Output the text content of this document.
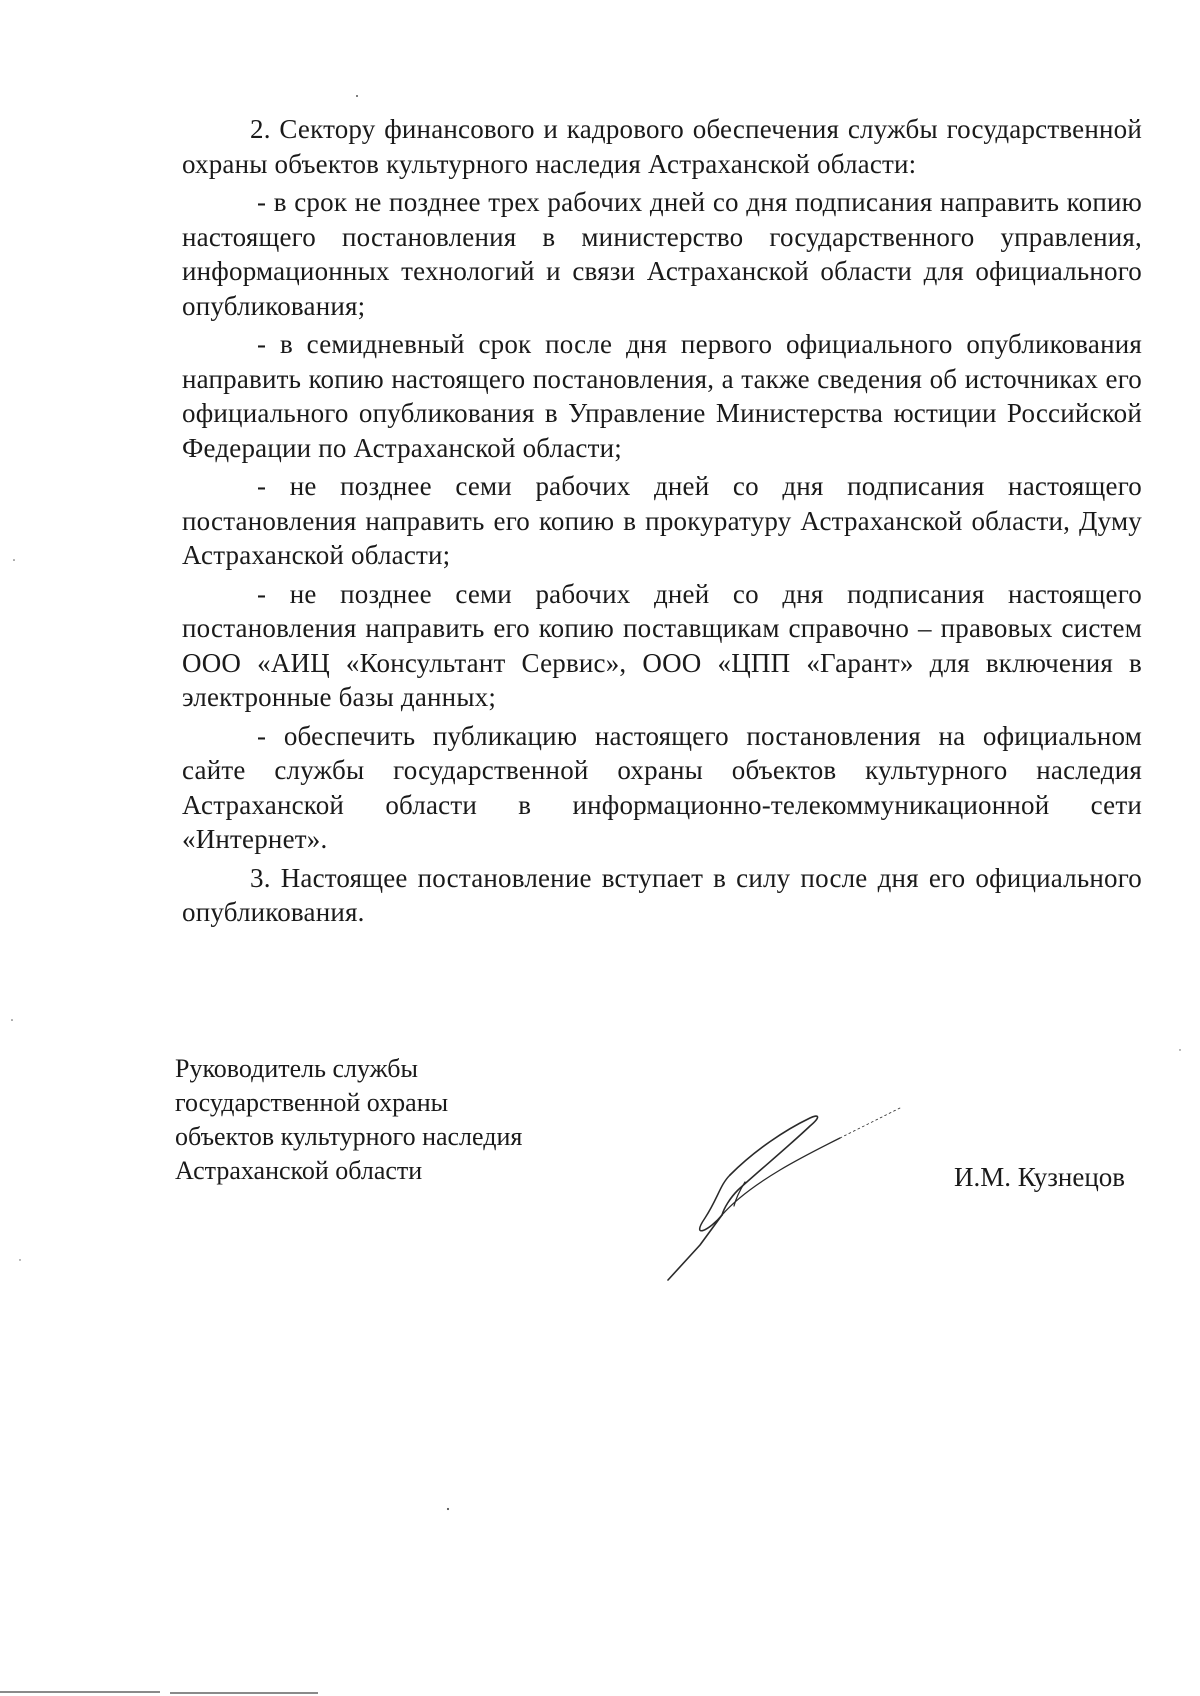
2. Сектору финансового и кадрового обеспечения службы государственной охраны объектов культурного наследия Астраханской области:

- в срок не позднее трех рабочих дней со дня подписания направить копию настоящего постановления в министерство государственного управления, информационных технологий и связи Астраханской области для официального опубликования;

- в семидневный срок после дня первого официального опубликования направить копию настоящего постановления, а также сведения об источниках его официального опубликования в Управление Министерства юстиции Российской Федерации по Астраханской области;

- не позднее семи рабочих дней со дня подписания настоящего постановления направить его копию в прокуратуру Астраханской области, Думу Астраханской области;

- не позднее семи рабочих дней со дня подписания настоящего постановления направить его копию поставщикам справочно – правовых систем ООО «АИЦ «Консультант Сервис», ООО «ЦПП «Гарант» для включения в электронные базы данных;

- обеспечить публикацию настоящего постановления на официальном сайте службы государственной охраны объектов культурного наследия Астраханской области в информационно-телекоммуникационной сети «Интернет».

3. Настоящее постановление вступает в силу после дня его официального опубликования.

Руководитель службы
государственной охраны
объектов культурного наследия
Астраханской области	И.М. Кузнецов
